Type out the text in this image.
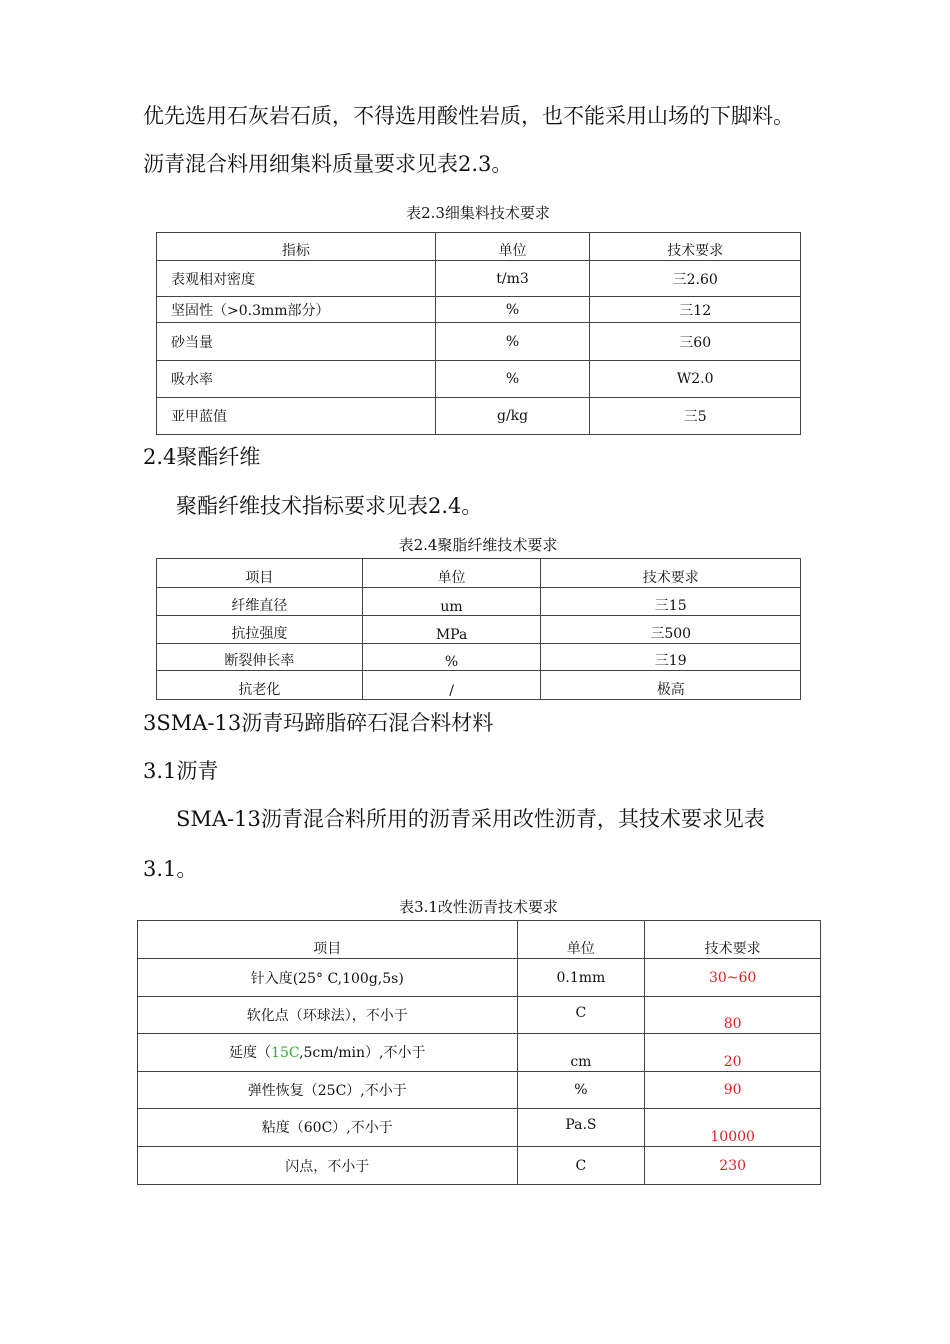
优先选用石灰岩石质，不得选用酸性岩质，也不能采用山场的下脚料。
沥青混合料用细集料质量要求见表2.3。
表2.3细集料技术要求
指标	单位	技术要求
表观相对密度	t/m3	三2.60
坚固性（>0.3mm部分）	%	三12
砂当量	%	三60
吸水率	%	W2.0
亚甲蓝值	g/kg	三5
2.4聚酯纤维
聚酯纤维技术指标要求见表2.4。
表2.4聚脂纤维技术要求
项目	单位	技术要求
纤维直径	um	三15
抗拉强度	MPa	三500
断裂伸长率	%	三19
抗老化	/	极高
3SMA-13沥青玛蹄脂碎石混合料材料
3.1沥青
SMA-13沥青混合料所用的沥青采用改性沥青，其技术要求见表
3.1。
表3.1改性沥青技术要求
项目	单位	技术要求
针入度(25° C,100g,5s)	0.1mm	30~60
软化点（环球法），不小于	C	80
延度（15C,5cm/min）,不小于	cm	20
弹性恢复（25C）,不小于	%	90
粘度（60C）,不小于	Pa.S	10000
闪点，不小于	C	230
